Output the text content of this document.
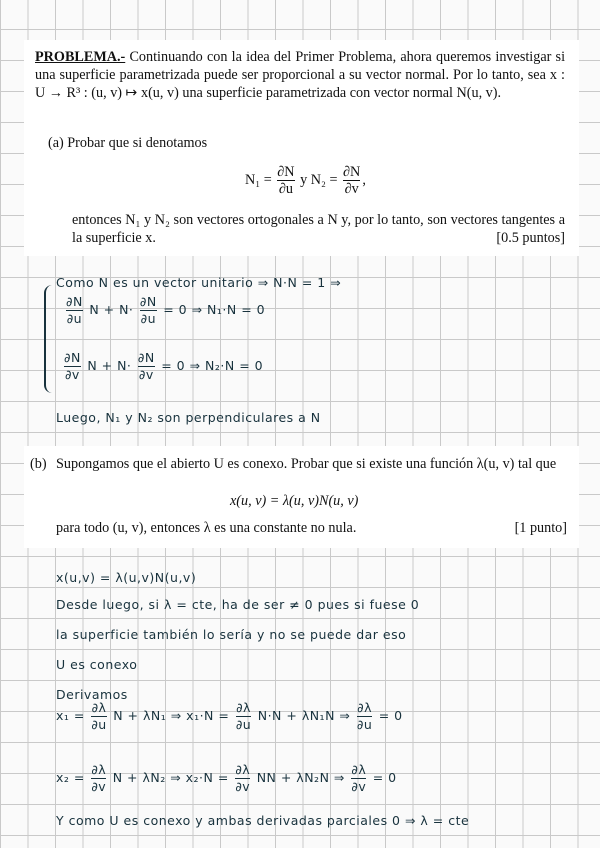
PROBLEMA.- Continuando con la idea del Primer Problema, ahora queremos investigar si una superficie parametrizada puede ser proporcional a su vector normal. Por lo tanto, sea x : U → R³ : (u, v) ↦ x(u, v) una superficie parametrizada con vector normal N(u, v).
(a) Probar que si denotamos
$N_1 = \frac{\partial N}{\partial u}$ y $N_2 = \frac{\partial N}{\partial v}$ ,
entonces N₁ y N₂ son vectores ortogonales a N y, por lo tanto, son vectores tangentes a la superficie x.	[0.5 puntos]
Como N es un vector unitario ⇒ N·N = 1 ⇒
$\frac{\partial N}{\partial u}$ $N + N\cdot \frac{\partial N}{\partial u} = 0$ ⇒ N₁·N = 0
$\frac{\partial N}{\partial v}$ $N + N\cdot \frac{\partial N}{\partial v} = 0$ ⇒ N₂·N = 0
Luego, N₁ y N₂ son perpendiculares a N
(b) Supongamos que el abierto U es conexo. Probar que si existe una función λ(u, v) tal que
x(u, v) = λ(u, v)N(u, v)
para todo (u, v), entonces λ es una constante no nula.	[1 punto]
x(u,v) = λ(u,v)N(u,v)
Desde luego, si λ = cte, ha de ser ≠ 0 pues si fuese 0
la superficie también lo sería y no se puede dar eso
U es conexo
Derivamos
$x_1 = \frac{\partial\lambda}{\partial u}$ N + λN₁ ⇒ $x_1\cdot N = \frac{\partial\lambda}{\partial u} N\cdot N + \lambda N_1N$ ⇒ $\frac{\partial\lambda}{\partial u} = 0$
$x_2 = \frac{\partial\lambda}{\partial v}$ N + λN₂ ⇒ $x_2\cdot N = \frac{\partial\lambda}{\partial v}$ NN + λN₂N ⇒ $\frac{\partial\lambda}{\partial v} = 0$
Y como U es conexo y ambas derivadas parciales 0 ⇒ λ = cte
